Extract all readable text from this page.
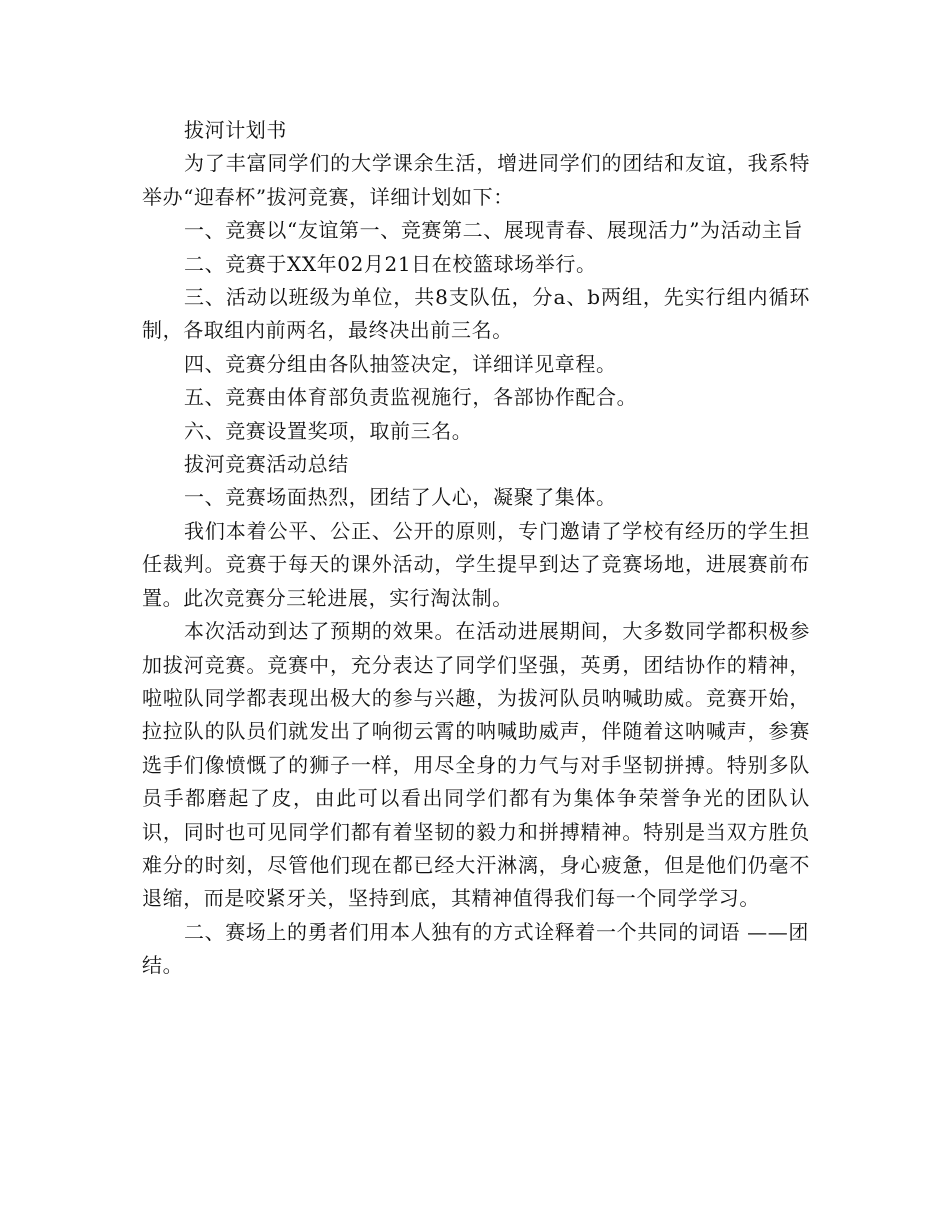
拔河计划书

为了丰富同学们的大学课余生活，增进同学们的团结和友谊，我系特举办“迎春杯”拔河竞赛，详细计划如下：

一、竞赛以“友谊第一、竞赛第二、展现青春、展现活力”为活动主旨

二、竞赛于XX年02月21日在校篮球场举行。

三、活动以班级为单位，共8支队伍，分a、b两组，先实行组内循环制，各取组内前两名，最终决出前三名。

四、竞赛分组由各队抽签决定，详细详见章程。

五、竞赛由体育部负责监视施行，各部协作配合。

六、竞赛设置奖项，取前三名。

拔河竞赛活动总结

一、竞赛场面热烈，团结了人心，凝聚了集体。

我们本着公平、公正、公开的原则，专门邀请了学校有经历的学生担任裁判。竞赛于每天的课外活动，学生提早到达了竞赛场地，进展赛前布置。此次竞赛分三轮进展，实行淘汰制。

本次活动到达了预期的效果。在活动进展期间，大多数同学都积极参加拔河竞赛。竞赛中，充分表达了同学们坚强，英勇，团结协作的精神，啦啦队同学都表现出极大的参与兴趣，为拔河队员呐喊助威。竞赛开始，拉拉队的队员们就发出了响彻云霄的呐喊助威声，伴随着这呐喊声，参赛选手们像愤慨了的狮子一样，用尽全身的力气与对手坚韧拼搏。特别多队员手都磨起了皮，由此可以看出同学们都有为集体争荣誉争光的团队认识，同时也可见同学们都有着坚韧的毅力和拼搏精神。特别是当双方胜负难分的时刻，尽管他们现在都已经大汗淋漓，身心疲惫，但是他们仍毫不退缩，而是咬紧牙关，坚持到底，其精神值得我们每一个同学学习。

二、赛场上的勇者们用本人独有的方式诠释着一个共同的词语 ——团结。
